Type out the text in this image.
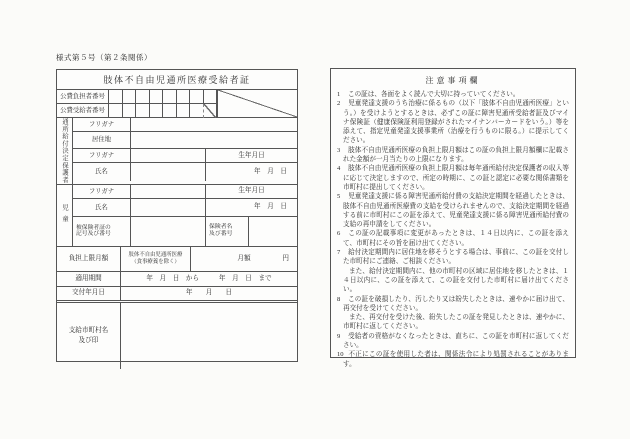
様式第５号（第２条関係）
肢体不自由児通所医療受給者証
公費負担者番号
公費受給者番号
通所給付決定保護者	フリガナ
居住地
フリガナ	生年月日
氏名	年　月　日
児童
フリガナ	生年月日
氏名	年　月　日
被保険者証の
記号及び番号
保険者名
及び番号
負担上限月額
肢体不自由児通所医療
（食事療養を除く）	月額	円
適用期間	年　月　日　から　　　年　月　日　まで
交付年月日	年　　月　　日
支給市町村名
及び印
注意事項欄
1 この証は、各面をよく読んで大切に持っていてください。
2 児童発達支援のうち治療に係るもの（以下「肢体不自由児通所医療」という。）を受けようとするときは、必ずこの証に障害児通所受給者証及びマイナ保険証（健康保険証利用登録がされたマイナンバーカードをいう。）等を添えて、指定児童発達支援事業所（治療を行うものに限る。）に提示してください。
3 肢体不自由児通所医療の負担上限月額はこの証の負担上限月額欄に記載された金額が一月当たりの上限になります。
4 肢体不自由児通所医療の負担上限月額は毎年通所給付決定保護者の収入等に応じて決定しますので、所定の時期に、この証と認定に必要な関係書類を市町村に提出してください。
5 児童発達支援に係る障害児通所給付費の支給決定期間を経過したときは、肢体不自由児通所医療費の支給を受けられませんので、支給決定期間を経過する前に市町村にこの証を添えて、児童発達支援に係る障害児通所給付費の支給の再申請をしてください。
6 この証の記載事項に変更があったときは、１４日以内に、この証を添えて、市町村にその旨を届け出てください。
7 給付決定期間内に居住地を移そうとする場合は、事前に、この証を交付した市町村にご連絡、ご相談ください。
また、給付決定期間内に、他の市町村の区域に居住地を移したときは、１４日以内に、この証を添えて、この証を交付した市町村に届け出てください。
8 この証を破損したり、汚したり又は紛失したときは、速やかに届け出て、再交付を受けてください。
また、再交付を受けた後、紛失したこの証を発見したときは、速やかに、市町村に返してください。
9 受給者の資格がなくなったときは、直ちに、この証を市町村に返してください。
10 不正にこの証を使用した者は、関係法令により処罰されることがあります。
